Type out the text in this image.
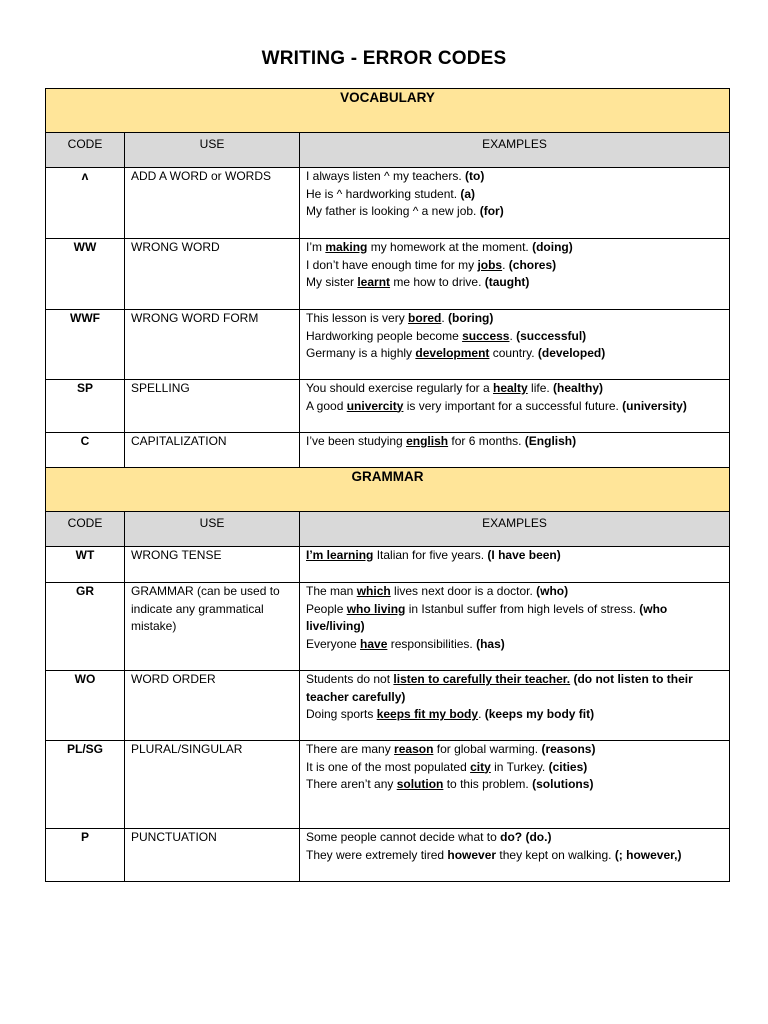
WRITING - ERROR CODES
VOCABULARY		
CODE	USE	EXAMPLES
ʌ	ADD A WORD or WORDS	I always listen ^ my teachers. (to)
He is ^ hardworking student. (a)
My father is looking ^ a new job. (for)

WW	WRONG WORD	I’m making my homework at the moment. (doing)
I don’t have enough time for my jobs. (chores)
My sister learnt me how to drive. (taught)

WWF	WRONG WORD FORM	This lesson is very bored. (boring)
Hardworking people become success. (successful)
Germany is a highly development country. (developed)

SP	SPELLING	You should exercise regularly for a healty life. (healthy)
A good univercity is very important for a successful future. (university)

C	CAPITALIZATION	I’ve been studying english for 6 months. (English)

GRAMMAR		
CODE	USE	EXAMPLES
WT	WRONG TENSE	I’m learning Italian for five years. (I have been)

GR	GRAMMAR (can be used to indicate any grammatical mistake)	The man which lives next door is a doctor. (who)
People who living in Istanbul suffer from high levels of stress. (who live/living)
Everyone have responsibilities. (has)

WO	WORD ORDER	Students do not listen to carefully their teacher. (do not listen to their teacher carefully)
Doing sports keeps fit my body. (keeps my body fit)

PL/SG	PLURAL/SINGULAR	There are many reason for global warming. (reasons)
It is one of the most populated city in Turkey. (cities)
There aren’t any solution to this problem. (solutions)

P	PUNCTUATION	Some people cannot decide what to do? (do.)
They were extremely tired however they kept on walking. (; however,)
